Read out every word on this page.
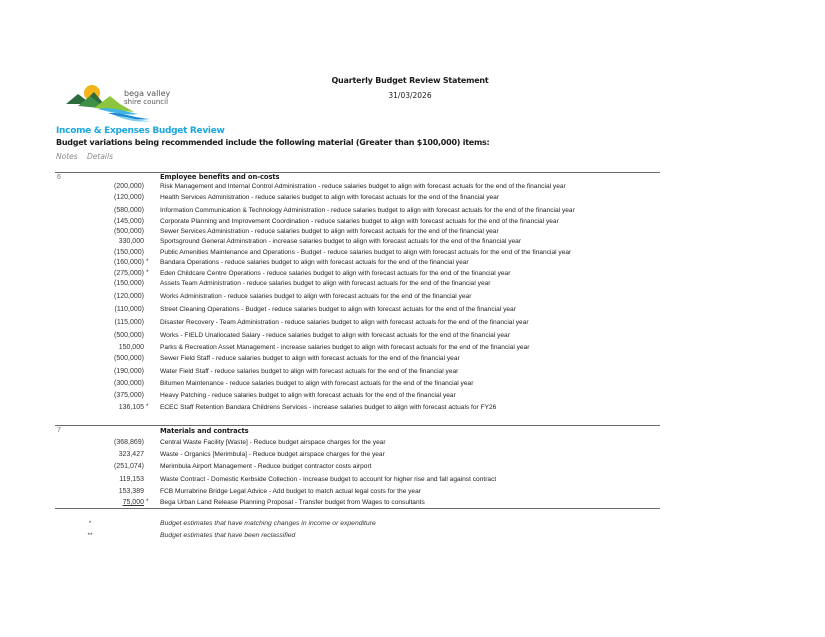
bega valley
shire council
Quarterly Budget Review Statement
31/03/2026
Income & Expenses Budget Review
Budget variations being recommended include the following material (Greater than $100,000) items:
Notes Details
6	Employee benefits and on-costs
(200,000) Risk Management and Internal Control Administration - reduce salaries budget to align with forecast actuals for the end of the financial year
(120,000) Health Services Administration - reduce salaries budget to align with forecast actuals for the end of the financial year
(580,000) Information Communication & Technology Administration - reduce salaries budget to align with forecast actuals for the end of the financial year
(145,000) Corporate Planning and Improvement Coordination - reduce salaries budget to align with forecast actuals for the end of the financial year
(500,000) Sewer Services Administration - reduce salaries budget to align with forecast actuals for the end of the financial year
330,000 Sportsground General Adminstration - increase salaries budget to align with forecast actuals for the end of the financial year
(150,000) Public Amenities Maintenance and Operations - Budget - reduce salaries budget to align with forecast actuals for the end of the financial year
(160,000) * Bandara Operations - reduce salaries budget to align with forecast actuals for the end of the financial year
(275,000) * Eden Childcare Centre Operations - reduce salaries budget to align with forecast actuals for the end of the financial year
(150,000) Assets Team Administration - reduce salaries budget to align with forecast actuals for the end of the financial year
(120,000) Works Administration - reduce salaries budget to align with forecast actuals for the end of the financial year
(110,000) Street Cleaning Operations - Budget - reduce salaries budget to align with forecast actuals for the end of the financial year
(115,000) Disaster Recovery - Team Administration - reduce salaries budget to align with forecast actuals for the end of the financial year
(500,000) Works - FIELD Unallocated Salary - reduce salaries budget to align with forecast actuals for the end of the financial year
150,000 Parks & Recreation Asset Management - increase salaries budget to align with forecast actuals for the end of the financial year
(500,000) Sewer Field Staff - reduce salaries budget to align with forecast actuals for the end of the financial year
(190,000) Water Field Staff - reduce salaries budget to align with forecast actuals for the end of the financial year
(300,000) Bitumen Maintenance - reduce salaries budget to align with forecast actuals for the end of the financial year
(375,000) Heavy Patching - reduce salaries budget to align with forecast actuals for the end of the financial year
136,105 * ECEC Staff Retention Bandara Childrens Services - increase salaries budget to align with forecast actuals for FY26
7	Materials and contracts
(368,869) Central Waste Facility [Waste] - Reduce budget airspace charges for the year
323,427 Waste - Organics [Merimbula] - Reduce budget airspace charges for the year
(251,074) Merimbula Airport Management - Reduce budget contractor costs airport
119,153 Waste Contract - Domestic Kerbside Collection - Increase budget to account for higher rise and fall against contract
153,389 FCB Murrabrine Bridge Legal Advice - Add budget to match actual legal costs for the year
75,000 * Bega Urban Land Release Planning Proposal - Transfer budget from Wages to consultants
*	Budget estimates that have matching changes in income or expenditure
**	Budget estimates that have been reclassified
